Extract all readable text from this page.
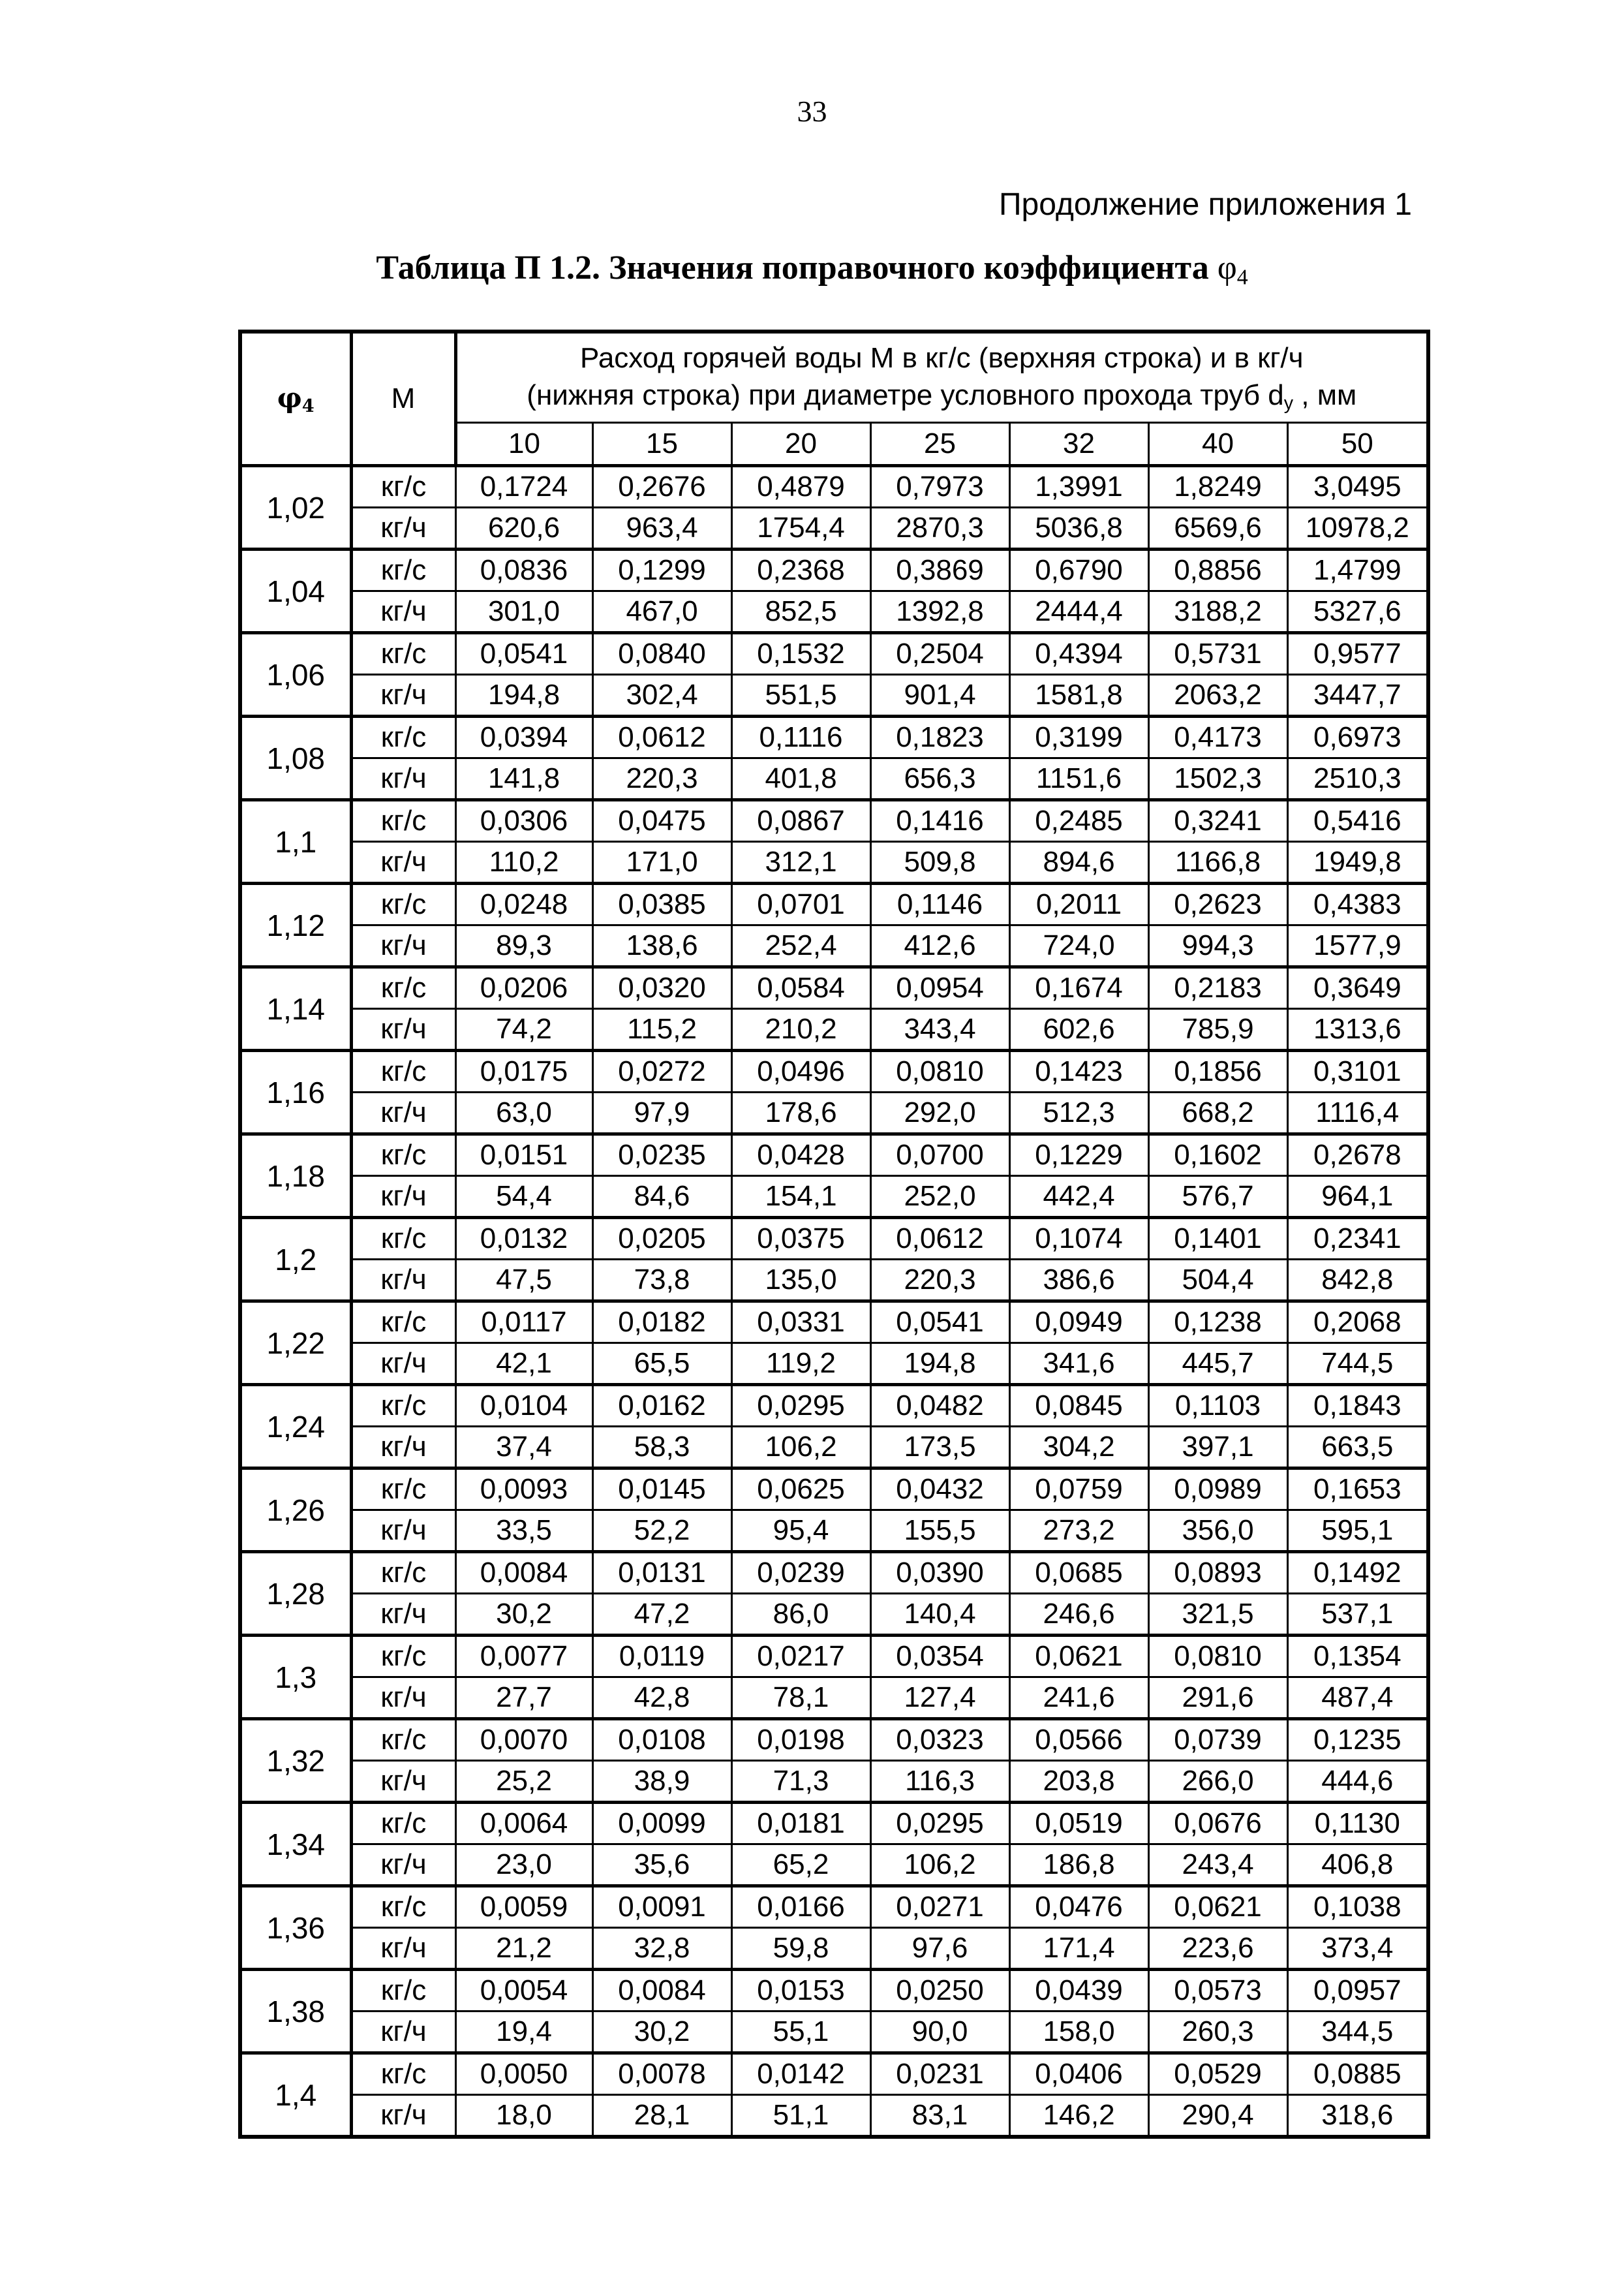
33
Продолжение приложения 1
Таблица П 1.2. Значения поправочного коэффициента $\varphi_4$
$\varphi_4$	М	Расход горячей воды М в кг/с (верхняя строка) и в кг/ч
(нижняя строка) при диаметре условного прохода труб $d_у$ , мм						
		10	15	20	25	32	40	50
1,02	кг/с	0,1724	0,2676	0,4879	0,7973	1,3991	1,8249	3,0495
	кг/ч	620,6	963,4	1754,4	2870,3	5036,8	6569,6	10978,2
1,04	кг/с	0,0836	0,1299	0,2368	0,3869	0,6790	0,8856	1,4799
	кг/ч	301,0	467,0	852,5	1392,8	2444,4	3188,2	5327,6
1,06	кг/с	0,0541	0,0840	0,1532	0,2504	0,4394	0,5731	0,9577
	кг/ч	194,8	302,4	551,5	901,4	1581,8	2063,2	3447,7
1,08	кг/с	0,0394	0,0612	0,1116	0,1823	0,3199	0,4173	0,6973
	кг/ч	141,8	220,3	401,8	656,3	1151,6	1502,3	2510,3
1,1	кг/с	0,0306	0,0475	0,0867	0,1416	0,2485	0,3241	0,5416
	кг/ч	110,2	171,0	312,1	509,8	894,6	1166,8	1949,8
1,12	кг/с	0,0248	0,0385	0,0701	0,1146	0,2011	0,2623	0,4383
	кг/ч	89,3	138,6	252,4	412,6	724,0	994,3	1577,9
1,14	кг/с	0,0206	0,0320	0,0584	0,0954	0,1674	0,2183	0,3649
	кг/ч	74,2	115,2	210,2	343,4	602,6	785,9	1313,6
1,16	кг/с	0,0175	0,0272	0,0496	0,0810	0,1423	0,1856	0,3101
	кг/ч	63,0	97,9	178,6	292,0	512,3	668,2	1116,4
1,18	кг/с	0,0151	0,0235	0,0428	0,0700	0,1229	0,1602	0,2678
	кг/ч	54,4	84,6	154,1	252,0	442,4	576,7	964,1
1,2	кг/с	0,0132	0,0205	0,0375	0,0612	0,1074	0,1401	0,2341
	кг/ч	47,5	73,8	135,0	220,3	386,6	504,4	842,8
1,22	кг/с	0,0117	0,0182	0,0331	0,0541	0,0949	0,1238	0,2068
	кг/ч	42,1	65,5	119,2	194,8	341,6	445,7	744,5
1,24	кг/с	0,0104	0,0162	0,0295	0,0482	0,0845	0,1103	0,1843
	кг/ч	37,4	58,3	106,2	173,5	304,2	397,1	663,5
1,26	кг/с	0,0093	0,0145	0,0625	0,0432	0,0759	0,0989	0,1653
	кг/ч	33,5	52,2	95,4	155,5	273,2	356,0	595,1
1,28	кг/с	0,0084	0,0131	0,0239	0,0390	0,0685	0,0893	0,1492
	кг/ч	30,2	47,2	86,0	140,4	246,6	321,5	537,1
1,3	кг/с	0,0077	0,0119	0,0217	0,0354	0,0621	0,0810	0,1354
	кг/ч	27,7	42,8	78,1	127,4	241,6	291,6	487,4
1,32	кг/с	0,0070	0,0108	0,0198	0,0323	0,0566	0,0739	0,1235
	кг/ч	25,2	38,9	71,3	116,3	203,8	266,0	444,6
1,34	кг/с	0,0064	0,0099	0,0181	0,0295	0,0519	0,0676	0,1130
	кг/ч	23,0	35,6	65,2	106,2	186,8	243,4	406,8
1,36	кг/с	0,0059	0,0091	0,0166	0,0271	0,0476	0,0621	0,1038
	кг/ч	21,2	32,8	59,8	97,6	171,4	223,6	373,4
1,38	кг/с	0,0054	0,0084	0,0153	0,0250	0,0439	0,0573	0,0957
	кг/ч	19,4	30,2	55,1	90,0	158,0	260,3	344,5
1,4	кг/с	0,0050	0,0078	0,0142	0,0231	0,0406	0,0529	0,0885
	кг/ч	18,0	28,1	51,1	83,1	146,2	290,4	318,6
